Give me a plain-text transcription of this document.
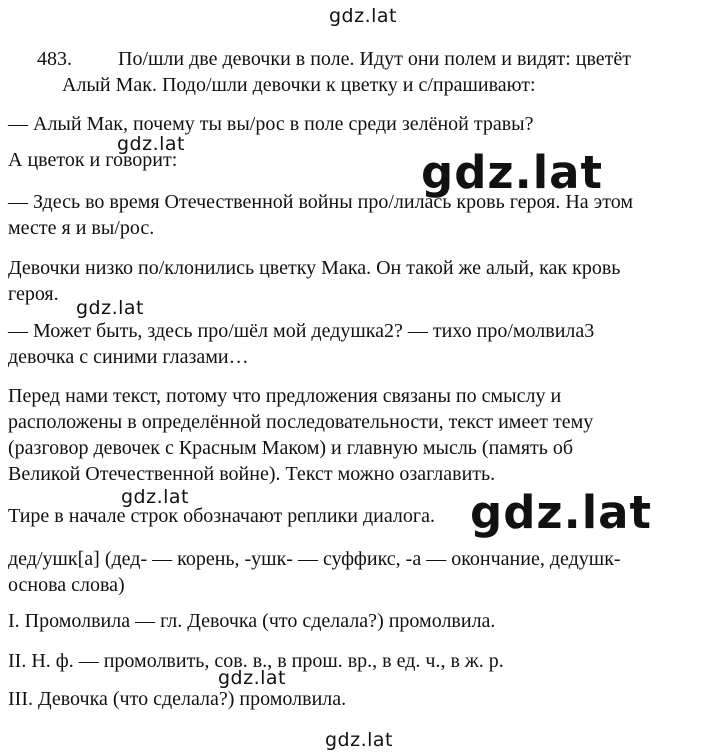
gdz.lat
483. По/шли две девочки в поле. Идут они полем и видят: цветёт
Алый Мак. Подо/шли девочки к цветку и с/прашивают:
— Алый Мак, почему ты вы/рос в поле среди зелёной травы?
gdz.lat
А цветок и говорит:	gdz.lat
— Здесь во время Отечественной войны про/лилась кровь героя. На этом
месте я и вы/рос.
Девочки низко по/клонились цветку Мака. Он такой же алый, как кровь
героя.
gdz.lat
— Может быть, здесь про/шёл мой дедушка2? — тихо про/молвила3
девочка с синими глазами…
Перед нами текст, потому что предложения связаны по смыслу и
расположены в определённой последовательности, текст имеет тему
(разговор девочек с Красным Маком) и главную мысль (память об
Великой Отечественной войне). Текст можно озаглавить.
gdz.lat
Тире в начале строк обозначают реплики диалога. gdz.lat
дед/ушк[а] (дед- — корень, -ушк- — суффикс, -а — окончание, дедушк-
основа слова)
I. Промолвила — гл. Девочка (что сделала?) промолвила.
II. Н. ф. — промолвить, сов. в., в прош. вр., в ед. ч., в ж. р.
gdz.lat
III. Девочка (что сделала?) промолвила.
gdz.lat
